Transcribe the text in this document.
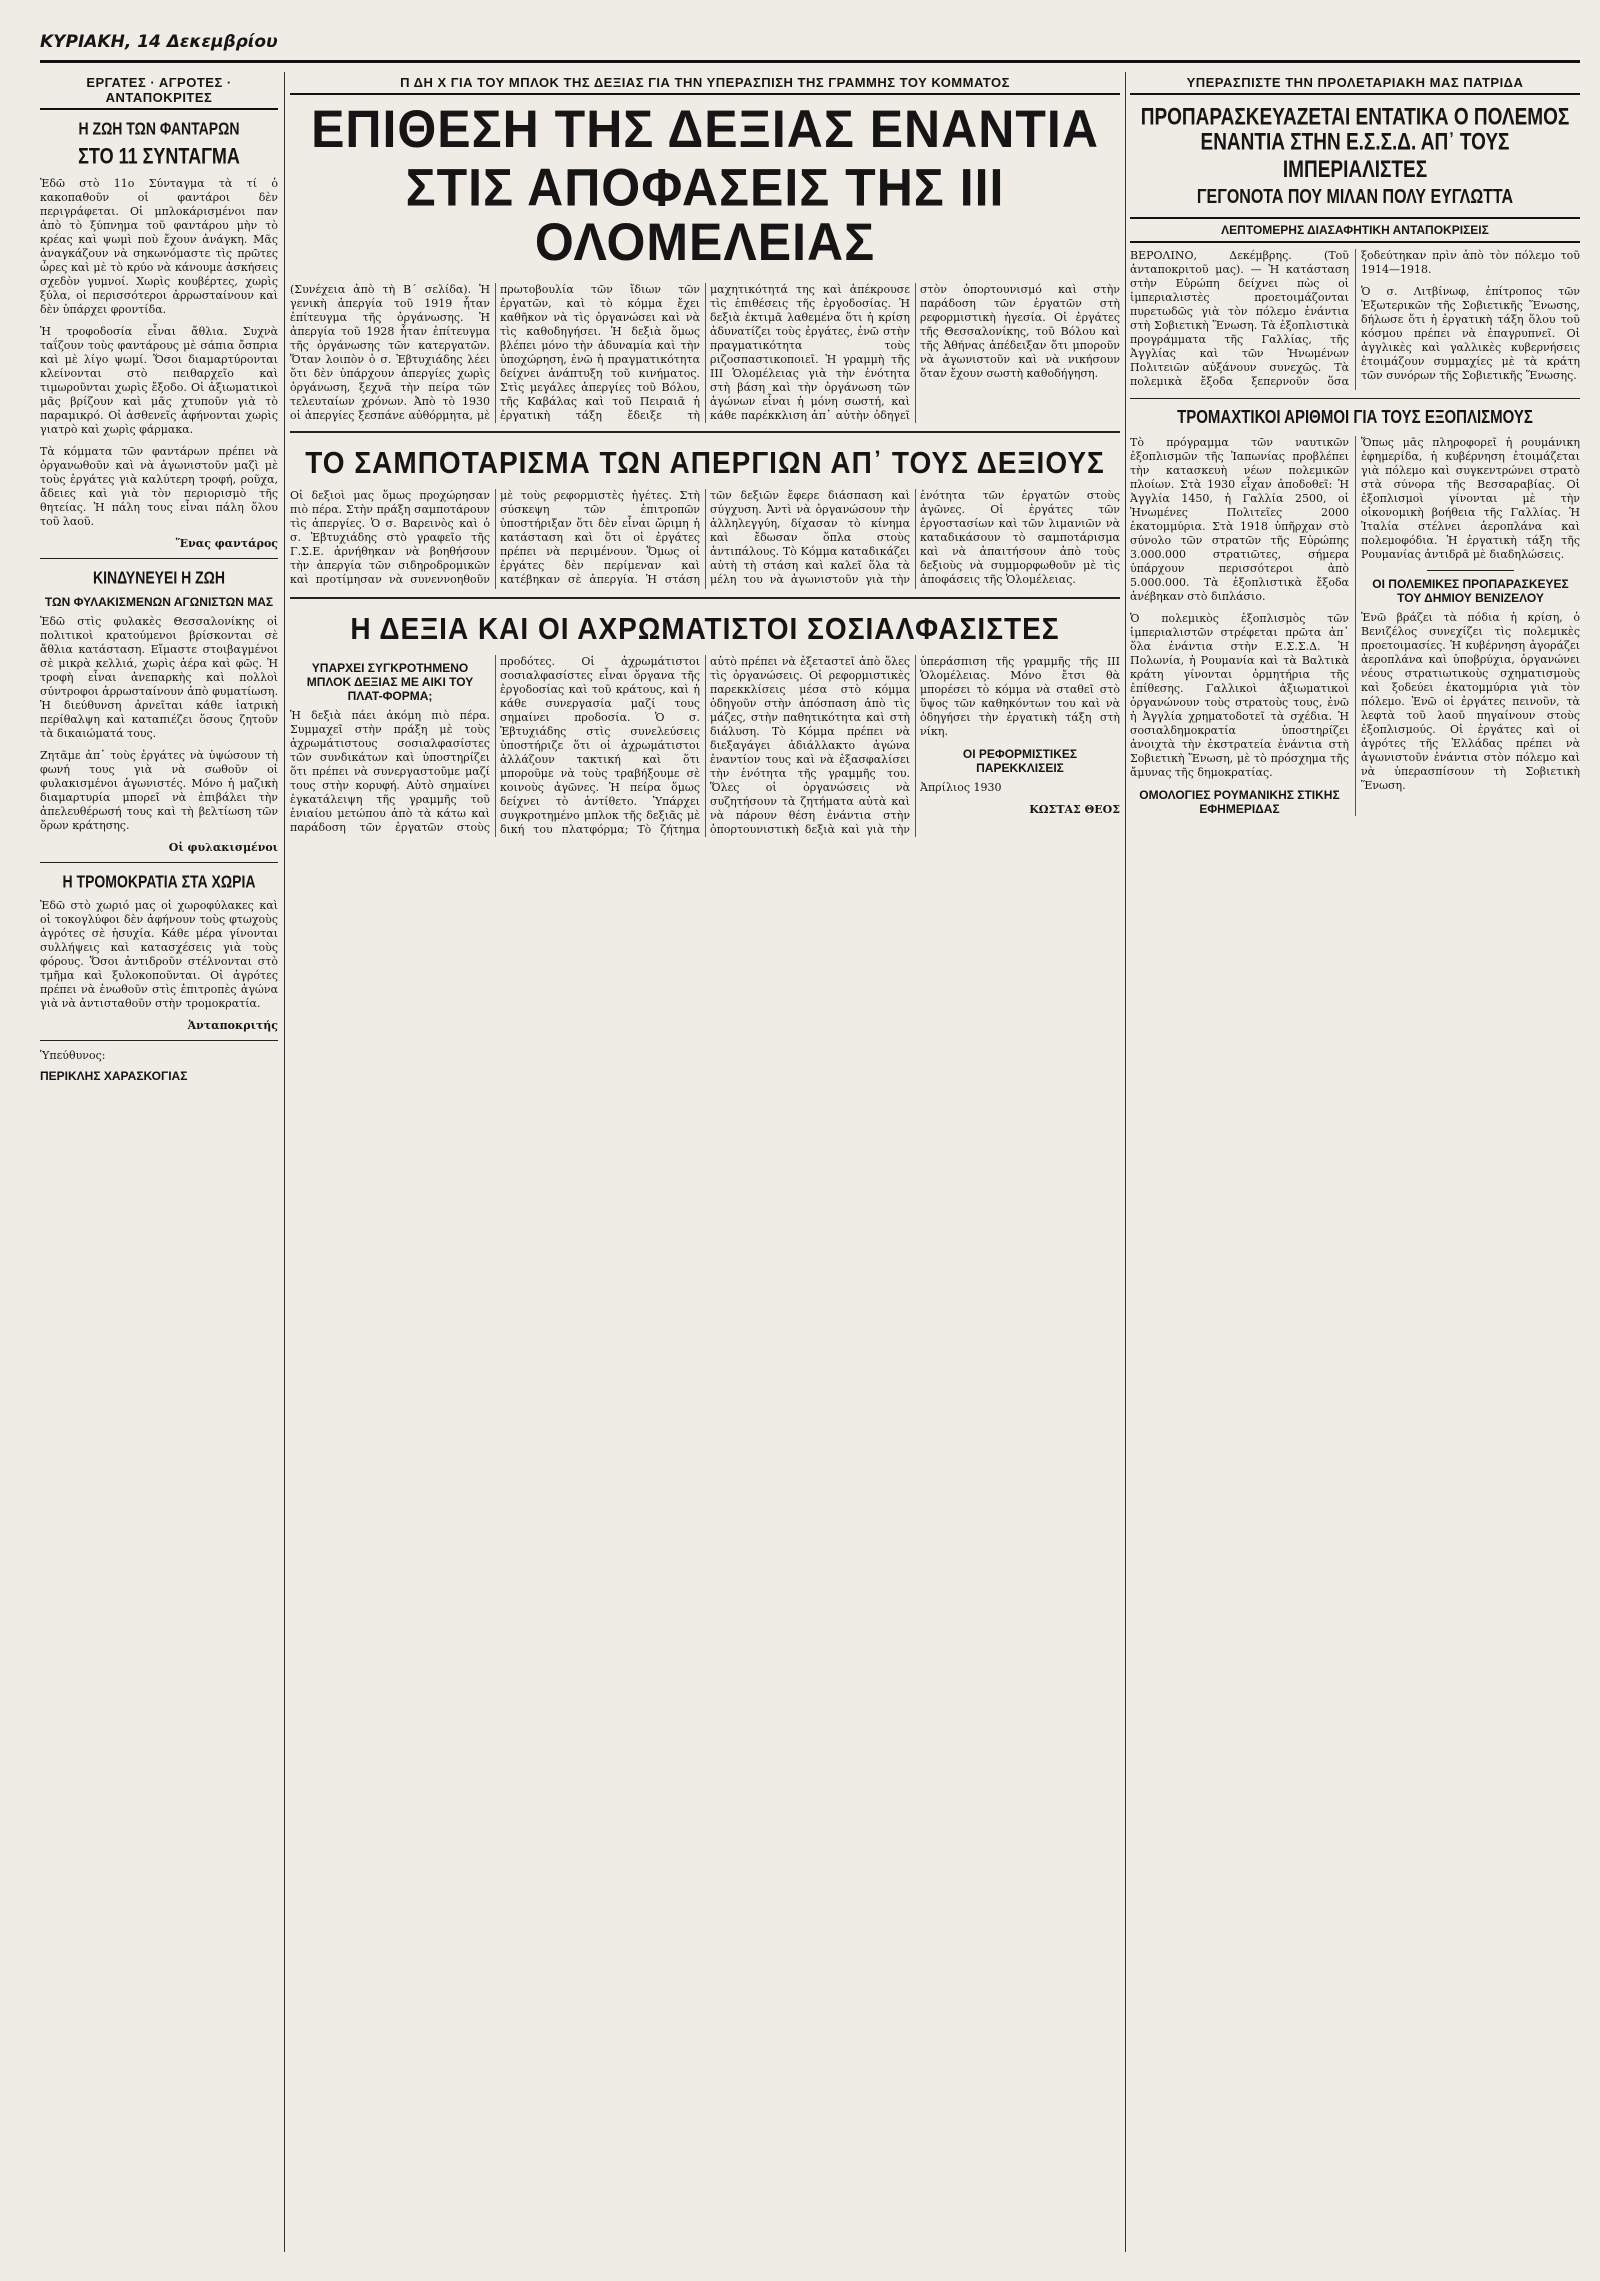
ΚΥΡΙΑΚΗ, 14 Δεκεμβρίου
ΕΡΓΑΤΕΣ · ΑΓΡΟΤΕΣ · ΑΝΤΑΠΟΚΡΙΤΕΣ
Η ΖΩΗ ΤΩΝ ΦΑΝΤΑΡΩΝ
ΣΤΟ 11 ΣΥΝΤΑΓΜΑ

Ἐδῶ στὸ 11ο Σύνταγμα τὰ τί ὁ κακοπαθοῦν οἱ φαντάροι δὲν περιγράφεται. Οἱ μπλοκάρισμένοι παν ἀπὸ τὸ ξύπνημα τοῦ φαντάρου μὴν τὸ κρέας καὶ ψωμὶ ποὺ ἔχουν ἀνάγκη. Μᾶς ἀναγκάζουν νὰ σηκωνόμαστε τὶς πρῶτες ὧρες καὶ μὲ τὸ κρύο νὰ κάνουμε ἀσκήσεις σχεδὸν γυμνοί. Χωρὶς κουβέρτες, χωρὶς ξύλα, οἱ περισσότεροι ἀρρωσταίνουν καὶ δὲν ὑπάρχει φροντίδα.

Ἡ τροφοδοσία εἶναι ἄθλια. Συχνὰ ταΐζουν τοὺς φαντάρους μὲ σάπια ὄσπρια καὶ μὲ λίγο ψωμί. Ὅσοι διαμαρτύρονται κλείνονται στὸ πειθαρχεῖο καὶ τιμωροῦνται χωρὶς ἔξοδο. Οἱ ἀξιωματικοὶ μᾶς βρίζουν καὶ μᾶς χτυποῦν γιὰ τὸ παραμικρό. Οἱ ἀσθενεῖς ἀφήνονται χωρὶς γιατρὸ καὶ χωρὶς φάρμακα.

Τὰ κόμματα τῶν φαντάρων πρέπει νὰ ὀργανωθοῦν καὶ νὰ ἀγωνιστοῦν μαζὶ μὲ τοὺς ἐργάτες γιὰ καλύτερη τροφή, ροῦχα, ἄδειες καὶ γιὰ τὸν περιορισμὸ τῆς θητείας. Ἡ πάλη τους εἶναι πάλη ὅλου τοῦ λαοῦ.

Ἕνας φαντάρος
ΚΙΝΔΥΝΕΥΕΙ Η ΖΩΗ
ΤΩΝ ΦΥΛΑΚΙΣΜΕΝΩΝ ΑΓΩΝΙΣΤΩΝ ΜΑΣ

Ἐδῶ στὶς φυλακὲς Θεσσαλονίκης οἱ πολιτικοὶ κρατούμενοι βρίσκονται σὲ ἄθλια κατάσταση. Εἴμαστε στοιβαγμένοι σὲ μικρὰ κελλιά, χωρὶς ἀέρα καὶ φῶς. Ἡ τροφὴ εἶναι ἀνεπαρκὴς καὶ πολλοὶ σύντροφοι ἀρρωσταίνουν ἀπὸ φυματίωση. Ἡ διεύθυνση ἀρνεῖται κάθε ἰατρικὴ περίθαλψη καὶ καταπιέζει ὅσους ζητοῦν τὰ δικαιώματά τους.

Ζητᾶμε ἀπ᾽ τοὺς ἐργάτες νὰ ὑψώσουν τὴ φωνή τους γιὰ νὰ σωθοῦν οἱ φυλακισμένοι ἀγωνιστές. Μόνο ἡ μαζικὴ διαμαρτυρία μπορεῖ νὰ ἐπιβάλει τὴν ἀπελευθέρωσή τους καὶ τὴ βελτίωση τῶν ὅρων κράτησης.

Οἱ φυλακισμένοι
Η ΤΡΟΜΟΚΡΑΤΙΑ ΣΤΑ ΧΩΡΙΑ

Ἐδῶ στὸ χωριό μας οἱ χωροφύλακες καὶ οἱ τοκογλύφοι δὲν ἀφήνουν τοὺς φτωχοὺς ἀγρότες σὲ ἡσυχία. Κάθε μέρα γίνονται συλλήψεις καὶ κατασχέσεις γιὰ τοὺς φόρους. Ὅσοι ἀντιδροῦν στέλνονται στὸ τμῆμα καὶ ξυλοκοποῦνται. Οἱ ἀγρότες πρέπει νὰ ἑνωθοῦν στὶς ἐπιτροπὲς ἀγώνα γιὰ νὰ ἀντισταθοῦν στὴν τρομοκρατία.

Ἀνταποκριτής
Ὑπεύθυνος:
ΠΕΡΙΚΛΗΣ ΧΑΡΑΣΚΟΓΙΑΣ
Π ΔΗ Χ ΓΙΑ ΤΟΥ ΜΠΛΟΚ ΤΗΣ ΔΕΞΙΑΣ ΓΙΑ ΤΗΝ ΥΠΕΡΑΣΠΙΣΗ ΤΗΣ ΓΡΑΜΜΗΣ ΤΟΥ ΚΟΜΜΑΤΟΣ
ΕΠΙΘΕΣΗ ΤΗΣ ΔΕΞΙΑΣ ΕΝΑΝΤΙΑ
ΣΤΙΣ ΑΠΟΦΑΣΕΙΣ ΤΗΣ III ΟΛΟΜΕΛΕΙΑΣ

(Συνέχεια ἀπὸ τὴ Β΄ σελίδα). Ἡ γενικὴ ἀπεργία τοῦ 1919 ἦταν ἐπίτευγμα τῆς ὀργάνωσης. Ἡ ἀπεργία τοῦ 1928 ἦταν ἐπίτευγμα τῆς ὀργάνωσης τῶν κατεργατῶν. Ὅταν λοιπὸν ὁ σ. Ἐβτυχιάδης λέει ὅτι δὲν ὑπάρχουν ἀπεργίες χωρὶς ὀργάνωση, ξεχνᾶ τὴν πείρα τῶν τελευταίων χρόνων. Ἀπὸ τὸ 1930 οἱ ἀπεργίες ξεσπάνε αὐθόρμητα, μὲ πρωτοβουλία τῶν ἴδιων τῶν ἐργατῶν, καὶ τὸ κόμμα ἔχει καθῆκον νὰ τὶς ὀργανώσει καὶ νὰ τὶς καθοδηγήσει. Ἡ δεξιὰ ὅμως βλέπει μόνο τὴν ἀδυναμία καὶ τὴν ὑποχώρηση, ἐνῶ ἡ πραγματικότητα δείχνει ἀνάπτυξη τοῦ κινήματος. Στὶς μεγάλες ἀπεργίες τοῦ Βόλου, τῆς Καβάλας καὶ τοῦ Πειραιᾶ ἡ ἐργατικὴ τάξη ἔδειξε τὴ μαχητικότητά της καὶ ἀπέκρουσε τὶς ἐπιθέσεις τῆς ἐργοδοσίας. Ἡ δεξιὰ ἐκτιμᾶ λαθεμένα ὅτι ἡ κρίση ἀδυνατίζει τοὺς ἐργάτες, ἐνῶ στὴν πραγματικότητα τοὺς ριζοσπαστικοποιεῖ. Ἡ γραμμὴ τῆς ΙΙΙ Ὁλομέλειας γιὰ τὴν ἑνότητα στὴ βάση καὶ τὴν ὀργάνωση τῶν ἀγώνων εἶναι ἡ μόνη σωστή, καὶ κάθε παρέκκλιση ἀπ᾽ αὐτὴν ὁδηγεῖ στὸν ὀπορτουνισμό καὶ στὴν παράδοση τῶν ἐργατῶν στὴ ρεφορμιστικὴ ἡγεσία. Οἱ ἐργάτες τῆς Θεσσαλονίκης, τοῦ Βόλου καὶ τῆς Ἀθήνας ἀπέδειξαν ὅτι μποροῦν νὰ ἀγωνιστοῦν καὶ νὰ νικήσουν ὅταν ἔχουν σωστὴ καθοδήγηση.

ΤΟ ΣΑΜΠΟΤΑΡΙΣΜΑ ΤΩΝ ΑΠΕΡΓΙΩΝ ΑΠ᾽ ΤΟΥΣ ΔΕΞΙΟΥΣ

Οἱ δεξιοὶ μας ὅμως προχώρησαν πιὸ πέρα. Στὴν πράξη σαμποτάρουν τὶς ἀπεργίες. Ὁ σ. Βαρεινὸς καὶ ὁ σ. Ἐβτυχιάδης στὸ γραφεῖο τῆς Γ.Σ.Ε. ἀρνήθηκαν νὰ βοηθήσουν τὴν ἀπεργία τῶν σιδηροδρομικῶν καὶ προτίμησαν νὰ συνεννοηθοῦν μὲ τοὺς ρεφορμιστὲς ἡγέτες. Στὴ σύσκεψη τῶν ἐπιτροπῶν ὑποστήριξαν ὅτι δὲν εἶναι ὥριμη ἡ κατάσταση καὶ ὅτι οἱ ἐργάτες πρέπει νὰ περιμένουν. Ὅμως οἱ ἐργάτες δὲν περίμεναν καὶ κατέβηκαν σὲ ἀπεργία. Ἡ στάση τῶν δεξιῶν ἔφερε διάσπαση καὶ σύγχυση. Ἀντὶ νὰ ὀργανώσουν τὴν ἀλληλεγγύη, δίχασαν τὸ κίνημα καὶ ἔδωσαν ὅπλα στοὺς ἀντιπάλους. Τὸ Κόμμα καταδικάζει αὐτὴ τὴ στάση καὶ καλεῖ ὅλα τὰ μέλη του νὰ ἀγωνιστοῦν γιὰ τὴν ἑνότητα τῶν ἐργατῶν στοὺς ἀγῶνες. Οἱ ἐργάτες τῶν ἐργοστασίων καὶ τῶν λιμανιῶν νὰ καταδικάσουν τὸ σαμποτάρισμα καὶ νὰ ἀπαιτήσουν ἀπὸ τοὺς δεξιοὺς νὰ συμμορφωθοῦν μὲ τὶς ἀποφάσεις τῆς Ὁλομέλειας.

Η ΔΕΞΙΑ ΚΑΙ ΟΙ ΑΧΡΩΜΑΤΙΣΤΟΙ ΣΟΣΙΑΛΦΑΣΙΣΤΕΣ
ΥΠΑΡΧΕΙ ΣΥΓΚΡΟΤΗΜΕΝΟ ΜΠΛΟΚ ΔΕΞΙΑΣ ΜΕ ΑΙΚΙ ΤΟΥ ΠΛΑΤ-ΦΟΡΜΑ;

Ἡ δεξιὰ πάει ἀκόμη πιὸ πέρα. Συμμαχεῖ στὴν πράξη μὲ τοὺς ἀχρωμάτιστους σοσιαλφασίστες τῶν συνδικάτων καὶ ὑποστηρίζει ὅτι πρέπει νὰ συνεργαστοῦμε μαζί τους στὴν κορυφή. Αὐτὸ σημαίνει ἐγκατάλειψη τῆς γραμμῆς τοῦ ἑνιαίου μετώπου ἀπὸ τὰ κάτω καὶ παράδοση τῶν ἐργατῶν στοὺς προδότες. Οἱ ἀχρωμάτιστοι σοσιαλφασίστες εἶναι ὄργανα τῆς ἐργοδοσίας καὶ τοῦ κράτους, καὶ ἡ κάθε συνεργασία μαζί τους σημαίνει προδοσία. Ὁ σ. Ἐβτυχιάδης στὶς συνελεύσεις ὑποστήριζε ὅτι οἱ ἀχρωμάτιστοι ἀλλάζουν τακτική καὶ ὅτι μποροῦμε νὰ τοὺς τραβήξουμε σὲ κοινοὺς ἀγῶνες. Ἡ πείρα ὅμως δείχνει τὸ ἀντίθετο. Ὑπάρχει συγκροτημένο μπλοκ τῆς δεξιᾶς μὲ δική του πλατφόρμα; Τὸ ζήτημα αὐτὸ πρέπει νὰ ἐξεταστεῖ ἀπὸ ὅλες τὶς ὀργανώσεις. Οἱ ρεφορμιστικὲς παρεκκλίσεις μέσα στὸ κόμμα ὁδηγοῦν στὴν ἀπόσπαση ἀπὸ τὶς μάζες, στὴν παθητικότητα καὶ στὴ διάλυση. Τὸ Κόμμα πρέπει νὰ διεξαγάγει ἀδιάλλακτο ἀγώνα ἐναντίον τους καὶ νὰ ἐξασφαλίσει τὴν ἑνότητα τῆς γραμμῆς του. Ὅλες οἱ ὀργανώσεις νὰ συζητήσουν τὰ ζητήματα αὐτὰ καὶ νὰ πάρουν θέση ἐνάντια στὴν ὀπορτουνιστικὴ δεξιὰ καὶ γιὰ τὴν ὑπεράσπιση τῆς γραμμῆς τῆς ΙΙΙ Ὁλομέλειας. Μόνο ἔτσι θὰ μπορέσει τὸ κόμμα νὰ σταθεῖ στὸ ὕψος τῶν καθηκόντων του καὶ νὰ ὁδηγήσει τὴν ἐργατικὴ τάξη στὴ νίκη.

ΟΙ ΡΕΦΟΡΜΙΣΤΙΚΕΣ ΠΑΡΕΚΚΛΙΣΕΙΣ
Ἀπρίλιος 1930
ΚΩΣΤΑΣ ΘΕΟΣ
ΥΠΕΡΑΣΠΙΣΤΕ ΤΗΝ ΠΡΟΛΕΤΑΡΙΑΚΗ ΜΑΣ ΠΑΤΡΙΔΑ
ΠΡΟΠΑΡΑΣΚΕΥΑΖΕΤΑΙ ΕΝΤΑΤΙΚΑ Ο ΠΟΛΕΜΟΣ
ΕΝΑΝΤΙΑ ΣΤΗΝ Ε.Σ.Σ.Δ. ΑΠ᾽ ΤΟΥΣ ΙΜΠΕΡΙΑΛΙΣΤΕΣ
ΓΕΓΟΝΟΤΑ ΠΟΥ ΜΙΛΑΝ ΠΟΛΥ ΕΥΓΛΩΤΤΑ
ΛΕΠΤΟΜΕΡΗΣ ΔΙΑΣΑΦΗΤΙΚΗ ΑΝΤΑΠΟΚΡΙΣΕΙΣ

ΒΕΡΟΛΙΝΟ, Δεκέμβρης. (Τοῦ ἀνταποκριτοῦ μας). — Ἡ κατάσταση στὴν Εὐρώπη δείχνει πὼς οἱ ἰμπεριαλιστὲς προετοιμάζονται πυρετωδῶς γιὰ τὸν πόλεμο ἐνάντια στὴ Σοβιετικὴ Ἕνωση. Τὰ ἐξοπλιστικὰ προγράμματα τῆς Γαλλίας, τῆς Ἀγγλίας καὶ τῶν Ἡνωμένων Πολιτειῶν αὐξάνουν συνεχῶς. Τὰ πολεμικὰ ἔξοδα ξεπερνοῦν ὅσα ξοδεύτηκαν πρὶν ἀπὸ τὸν πόλεμο τοῦ 1914—1918.

Ὁ σ. Λιτβίνωφ, ἐπίτροπος τῶν Ἐξωτερικῶν τῆς Σοβιετικῆς Ἕνωσης, δήλωσε ὅτι ἡ ἐργατικὴ τάξη ὅλου τοῦ κόσμου πρέπει νὰ ἐπαγρυπνεῖ. Οἱ ἀγγλικὲς καὶ γαλλικὲς κυβερνήσεις ἑτοιμάζουν συμμαχίες μὲ τὰ κράτη τῶν συνόρων τῆς Σοβιετικῆς Ἕνωσης.

ΤΡΟΜΑΧΤΙΚΟΙ ΑΡΙΘΜΟΙ ΓΙΑ ΤΟΥΣ ΕΞΟΠΛΙΣΜΟΥΣ

Τὸ πρόγραμμα τῶν ναυτικῶν ἐξοπλισμῶν τῆς Ἰαπωνίας προβλέπει τὴν κατασκευὴ νέων πολεμικῶν πλοίων. Στὰ 1930 εἶχαν ἀποδοθεῖ: Ἡ Ἀγγλία 1450, ἡ Γαλλία 2500, οἱ Ἡνωμένες Πολιτεῖες 2000 ἑκατομμύρια. Στὰ 1918 ὑπῆρχαν στὸ σύνολο τῶν στρατῶν τῆς Εὐρώπης 3.000.000 στρατιῶτες, σήμερα ὑπάρχουν περισσότεροι ἀπὸ 5.000.000. Τὰ ἐξοπλιστικὰ ἔξοδα ἀνέβηκαν στὸ διπλάσιο.

Ὁ πολεμικὸς ἐξοπλισμὸς τῶν ἰμπεριαλιστῶν στρέφεται πρῶτα ἀπ᾽ ὅλα ἐνάντια στὴν Ε.Σ.Σ.Δ. Ἡ Πολωνία, ἡ Ρουμανία καὶ τὰ Βαλτικὰ κράτη γίνονται ὁρμητήρια τῆς ἐπίθεσης. Γαλλικοὶ ἀξιωματικοὶ ὀργανώνουν τοὺς στρατοὺς τους, ἐνῶ ἡ Ἀγγλία χρηματοδοτεῖ τὰ σχέδια. Ἡ σοσιαλδημοκρατία ὑποστηρίζει ἀνοιχτὰ τὴν ἐκστρατεία ἐνάντια στὴ Σοβιετικὴ Ἕνωση, μὲ τὸ πρόσχημα τῆς ἄμυνας τῆς δημοκρατίας.

ΟΜΟΛΟΓΙΕΣ ΡΟΥΜΑΝΙΚΗΣ ΣΤΙΚΗΣ ΕΦΗΜΕΡΙΔΑΣ

Ὅπως μᾶς πληροφορεῖ ἡ ρουμάνικη ἐφημερίδα, ἡ κυβέρνηση ἑτοιμάζεται γιὰ πόλεμο καὶ συγκεντρώνει στρατὸ στὰ σύνορα τῆς Βεσσαραβίας. Οἱ ἐξοπλισμοὶ γίνονται μὲ τὴν οἰκονομικὴ βοήθεια τῆς Γαλλίας. Ἡ Ἰταλία στέλνει ἀεροπλάνα καὶ πολεμοφόδια. Ἡ ἐργατικὴ τάξη τῆς Ρουμανίας ἀντιδρᾶ μὲ διαδηλώσεις.

ΟΙ ΠΟΛΕΜΙΚΕΣ ΠΡΟΠΑΡΑΣΚΕΥΕΣ ΤΟΥ ΔΗΜΙΟΥ ΒΕΝΙΖΕΛΟΥ

Ἐνῶ βράζει τὰ πόδια ἡ κρίση, ὁ Βενιζέλος συνεχίζει τὶς πολεμικὲς προετοιμασίες. Ἡ κυβέρνηση ἀγοράζει ἀεροπλάνα καὶ ὑποβρύχια, ὀργανώνει νέους στρατιωτικοὺς σχηματισμοὺς καὶ ξοδεύει ἑκατομμύρια γιὰ τὸν πόλεμο. Ἐνῶ οἱ ἐργάτες πεινοῦν, τὰ λεφτὰ τοῦ λαοῦ πηγαίνουν στοὺς ἐξοπλισμούς. Οἱ ἐργάτες καὶ οἱ ἀγρότες τῆς Ἑλλάδας πρέπει νὰ ἀγωνιστοῦν ἐνάντια στὸν πόλεμο καὶ νὰ ὑπερασπίσουν τὴ Σοβιετικὴ Ἕνωση.
